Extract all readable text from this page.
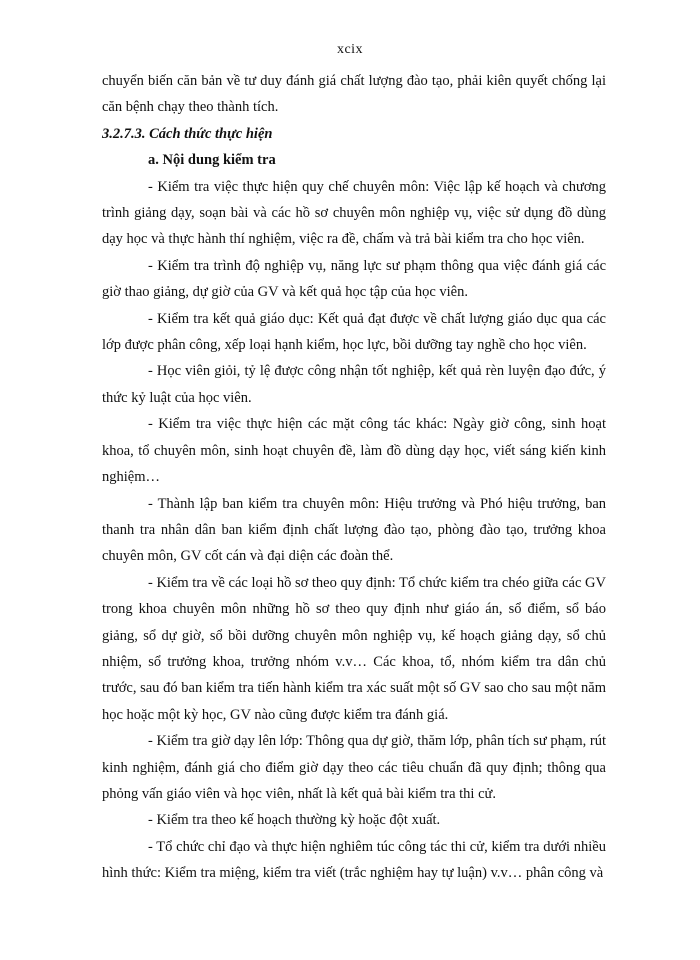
xcix

chuyển biến căn bản về tư duy đánh giá chất lượng đào tạo, phải kiên quyết chống lại căn bệnh chạy theo thành tích.

3.2.7.3. Cách thức thực hiện

a. Nội dung kiểm tra

- Kiểm tra việc thực hiện quy chế chuyên môn: Việc lập kế hoạch và chương trình giảng dạy, soạn bài và các hồ sơ chuyên môn nghiệp vụ, việc sử dụng đồ dùng dạy học và thực hành thí nghiệm, việc ra đề, chấm và trả bài kiểm tra cho học viên.

- Kiểm tra trình độ nghiệp vụ, năng lực sư phạm thông qua việc đánh giá các giờ thao giảng, dự giờ của GV và kết quả học tập của học viên.

- Kiểm tra kết quả giáo dục: Kết quả đạt được về chất lượng giáo dục qua các lớp được phân công, xếp loại hạnh kiểm, học lực, bồi dưỡng tay nghề cho học viên.

- Học viên giỏi, tỷ lệ được công nhận tốt nghiệp, kết quả rèn luyện đạo đức, ý thức kỷ luật của học viên.

- Kiểm tra việc thực hiện các mặt công tác khác: Ngày giờ công, sinh hoạt khoa, tổ chuyên môn, sinh hoạt chuyên đề, làm đồ dùng dạy học, viết sáng kiến kinh nghiệm…

- Thành lập ban kiểm tra chuyên môn: Hiệu trưởng và Phó hiệu trưởng, ban thanh tra nhân dân ban kiểm định chất lượng đào tạo, phòng đào tạo, trưởng khoa chuyên môn, GV cốt cán và đại diện các đoàn thể.

- Kiểm tra về các loại hồ sơ theo quy định: Tổ chức kiểm tra chéo giữa các GV trong khoa chuyên môn những hồ sơ theo quy định như giáo án, sổ điểm, sổ báo giảng, sổ dự giờ, sổ bồi dưỡng chuyên môn nghiệp vụ, kế hoạch giảng dạy, sổ chủ nhiệm, sổ trưởng khoa, trưởng nhóm v.v… Các khoa, tổ, nhóm kiểm tra dân chủ trước, sau đó ban kiểm tra tiến hành kiểm tra xác suất một số GV sao cho sau một năm học hoặc một kỳ học, GV nào cũng được kiểm tra đánh giá.

- Kiểm tra giờ dạy lên lớp: Thông qua dự giờ, thăm lớp, phân tích sư phạm, rút kinh nghiệm, đánh giá cho điểm giờ dạy theo các tiêu chuẩn đã quy định; thông qua phỏng vấn giáo viên và học viên, nhất là kết quả bài kiểm tra thi cử.

- Kiểm tra theo kế hoạch thường kỳ hoặc đột xuất.

- Tổ chức chỉ đạo và thực hiện nghiêm túc công tác thi cử, kiểm tra dưới nhiều hình thức: Kiểm tra miệng, kiểm tra viết (trắc nghiệm hay tự luận) v.v… phân công và
